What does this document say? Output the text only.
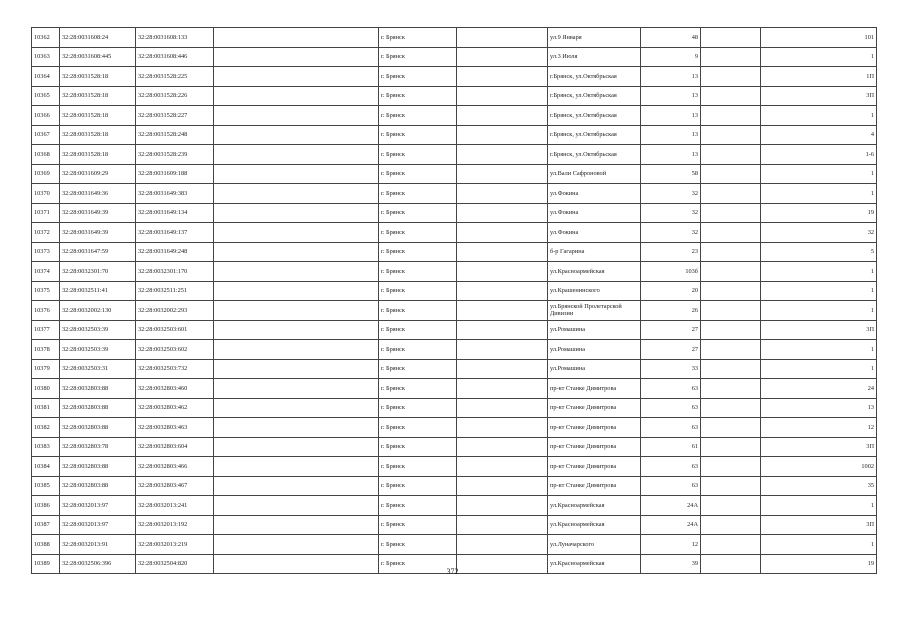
10362	32:28:0031608:24	32:28:0031608:133		г. Брянск		ул.9 Января	48		101
10363	32:28:0031608:445	32:28:0031608:446		г. Брянск		ул.3 Июля	9		1
10364	32:28:0031528:18	32:28:0031528:225		г. Брянск		г.Брянск, ул.Октябрьская	13		1П
10365	32:28:0031528:18	32:28:0031528:226		г. Брянск		г.Брянск, ул.Октябрьская	13		3П
10366	32:28:0031528:18	32:28:0031528:227		г. Брянск		г.Брянск, ул.Октябрьская	13		1
10367	32:28:0031528:18	32:28:0031528:248		г. Брянск		г.Брянск, ул.Октябрьская	13		4
10368	32:28:0031528:18	32:28:0031528:239		г. Брянск		г.Брянск, ул.Октябрьская	13		1-6
10369	32:28:0031609:29	32:28:0031609:188		г. Брянск		ул.Вали Сафроновой	58		1
10370	32:28:0031649:36	32:28:0031649:383		г. Брянск		ул.Фокина	32		1
10371	32:28:0031649:39	32:28:0031649:134		г. Брянск		ул.Фокина	32		19
10372	32:28:0031649:39	32:28:0031649:137		г. Брянск		ул.Фокина	32		32
10373	32:28:0031647:59	32:28:0031649:248		г. Брянск		б-р Гагарина	23		5
10374	32:28:0032301:70	32:28:0032301:170		г. Брянск		ул.Красноармейская	103б		1
10375	32:28:0032511:41	32:28:0032511:251		г. Брянск		ул.Крашенинского	20		1
10376	32:28:0032002:130	32:28:0032002:293		г. Брянск		ул.Брянской Пролетарской Дивизии	26		1
10377	32:28:0032503:39	32:28:0032503:601		г. Брянск		ул.Ромашина	27		3П
10378	32:28:0032503:39	32:28:0032503:602		г. Брянск		ул.Ромашина	27		1
10379	32:28:0032503:31	32:28:0032503:732		г. Брянск		ул.Ромашина	33		1
10380	32:28:0032803:88	32:28:0032803:460		г. Брянск		пр-кт Станке Димитрова	63		24
10381	32:28:0032803:88	32:28:0032803:462		г. Брянск		пр-кт Станке Димитрова	63		13
10382	32:28:0032803:88	32:28:0032803:463		г. Брянск		пр-кт Станке Димитрова	63		12
10383	32:28:0032803:78	32:28:0032803:604		г. Брянск		пр-кт Станке Димитрова	61		3П
10384	32:28:0032803:88	32:28:0032803:466		г. Брянск		пр-кт Станке Димитрова	63		1002
10385	32:28:0032803:88	32:28:0032803:467		г. Брянск		пр-кт Станке Димитрова	63		35
10386	32:28:0032013:97	32:28:0032013:241		г. Брянск		ул.Красноармейская	24А		1
10387	32:28:0032013:97	32:28:0032013:192		г. Брянск		ул.Красноармейская	24А		3П
10388	32:28:0032013:91	32:28:0032013:219		г. Брянск		ул.Луначарского	12		1
10389	32:28:0032506:396	32:28:0032504:820		г. Брянск		ул.Красноармейская	39		19
372
